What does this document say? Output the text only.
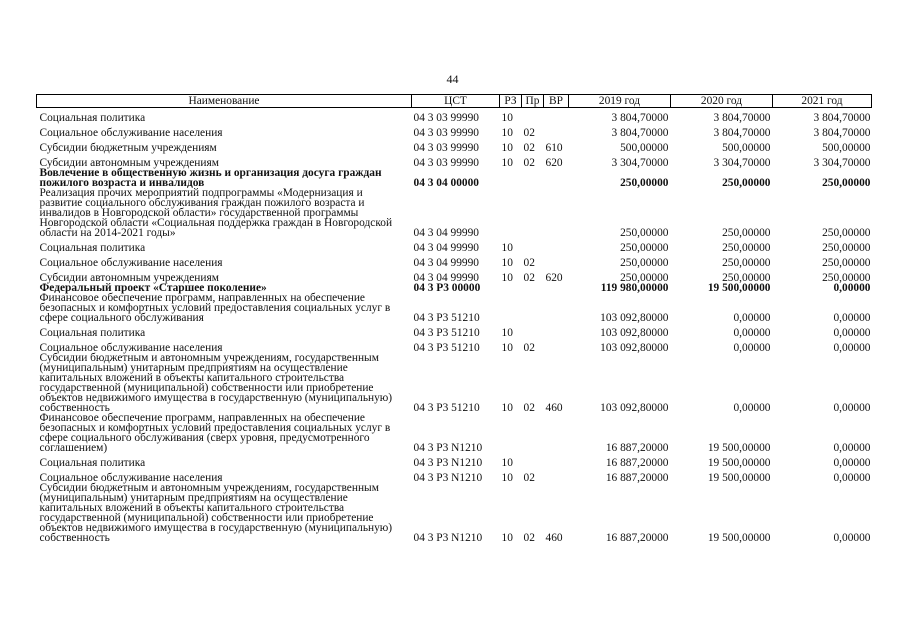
44
Наименование	ЦСТ	РЗ	Пр	ВР	2019 год	2020 год	2021 год
Социальная политика	04 3 03 99990	10			3 804,70000	3 804,70000	3 804,70000
Социальное обслуживание населения	04 3 03 99990	10	02		3 804,70000	3 804,70000	3 804,70000
Субсидии бюджетным учреждениям	04 3 03 99990	10	02	610	500,00000	500,00000	500,00000
Субсидии автономным учреждениям	04 3 03 99990	10	02	620	3 304,70000	3 304,70000	3 304,70000
Вовлечение в общественную жизнь и организация досуга граждан пожилого возраста и инвалидов	04 3 04 00000				250,00000	250,00000	250,00000
Реализация прочих мероприятий подпрограммы «Модернизация и развитие социального обслуживания граждан пожилого возраста и инвалидов в Новгородской области» государственной программы Новгородской области «Социальная поддержка граждан в Новгородской области на 2014-2021 годы»	04 3 04 99990				250,00000	250,00000	250,00000
Социальная политика	04 3 04 99990	10			250,00000	250,00000	250,00000
Социальное обслуживание населения	04 3 04 99990	10	02		250,00000	250,00000	250,00000
Субсидии автономным учреждениям	04 3 04 99990	10	02	620	250,00000	250,00000	250,00000
Федеральный проект «Старшее поколение»	04 3 P3 00000				119 980,00000	19 500,00000	0,00000
Финансовое обеспечение программ, направленных на обеспечение безопасных и комфортных условий предоставления социальных услуг в сфере социального обслуживания	04 3 P3 51210				103 092,80000	0,00000	0,00000
Социальная политика	04 3 P3 51210	10			103 092,80000	0,00000	0,00000
Социальное обслуживание населения	04 3 P3 51210	10	02		103 092,80000	0,00000	0,00000
Субсидии бюджетным и автономным учреждениям, государственным (муниципальным) унитарным предприятиям на осуществление капитальных вложений в объекты капитального строительства государственной (муниципальной) собственности или приобретение объектов недвижимого имущества в государственную (муниципальную) собственность	04 3 P3 51210	10	02	460	103 092,80000	0,00000	0,00000
Финансовое обеспечение программ, направленных на обеспечение безопасных и комфортных условий предоставления социальных услуг в сфере социального обслуживания (сверх уровня, предусмотренного соглашением)	04 3 P3 N1210				16 887,20000	19 500,00000	0,00000
Социальная политика	04 3 P3 N1210	10			16 887,20000	19 500,00000	0,00000
Социальное обслуживание населения	04 3 P3 N1210	10	02		16 887,20000	19 500,00000	0,00000
Субсидии бюджетным и автономным учреждениям, государственным (муниципальным) унитарным предприятиям на осуществление капитальных вложений в объекты капитального строительства государственной (муниципальной) собственности или приобретение объектов недвижимого имущества в государственную (муниципальную) собственность	04 3 P3 N1210	10	02	460	16 887,20000	19 500,00000	0,00000
